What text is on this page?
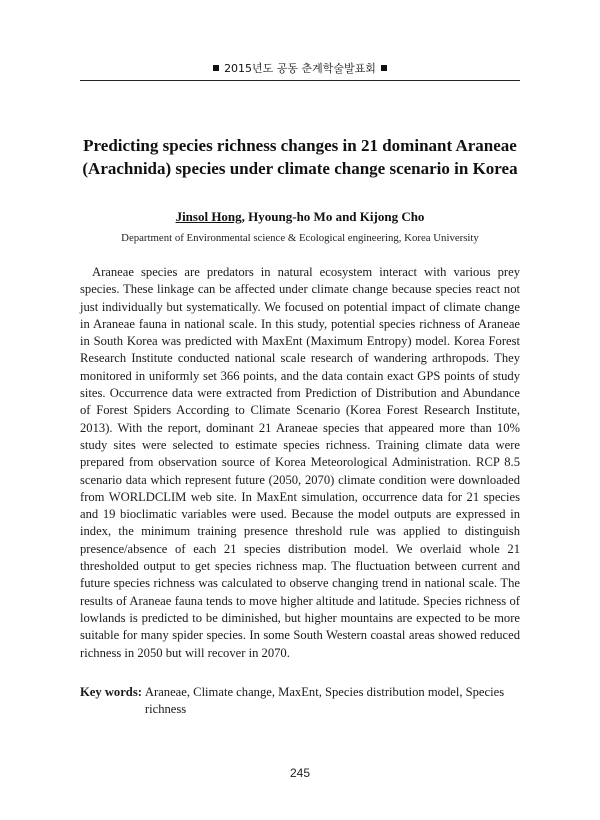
2015년도 공동 춘계학술발표회
Predicting species richness changes in 21 dominant Araneae (Arachnida) species under climate change scenario in Korea
Jinsol Hong, Hyoung-ho Mo and Kijong Cho
Department of Environmental science & Ecological engineering, Korea University

Araneae species are predators in natural ecosystem interact with various prey species. These linkage can be affected under climate change because species react not just individually but systematically. We focused on potential impact of climate change in Araneae fauna in national scale. In this study, potential species richness of Araneae in South Korea was predicted with MaxEnt (Maximum Entropy) model. Korea Forest Research Institute conducted national scale research of wandering arthropods. They monitored in uniformly set 366 points, and the data contain exact GPS points of study sites. Occurrence data were extracted from Prediction of Distribution and Abundance of Forest Spiders According to Climate Scenario (Korea Forest Research Institute, 2013). With the report, dominant 21 Araneae species that appeared more than 10% study sites were selected to estimate species richness. Training climate data were prepared from observation source of Korea Meteorological Administration. RCP 8.5 scenario data which represent future (2050, 2070) climate condition were downloaded from WORLDCLIM web site. In MaxEnt simulation, occurrence data for 21 species and 19 bioclimatic variables were used. Because the model outputs are expressed in index, the minimum training presence threshold rule was applied to distinguish presence/absence of each 21 species distribution model. We overlaid whole 21 thresholded output to get species richness map. The fluctuation between current and future species richness was calculated to observe changing trend in national scale. The results of Araneae fauna tends to move higher altitude and latitude. Species richness of lowlands is predicted to be diminished, but higher mountains are expected to be more suitable for many spider species. In some South Western coastal areas showed reduced richness in 2050 but will recover in 2070.

Key words: Araneae, Climate change, MaxEnt, Species distribution model, Species richness
245
